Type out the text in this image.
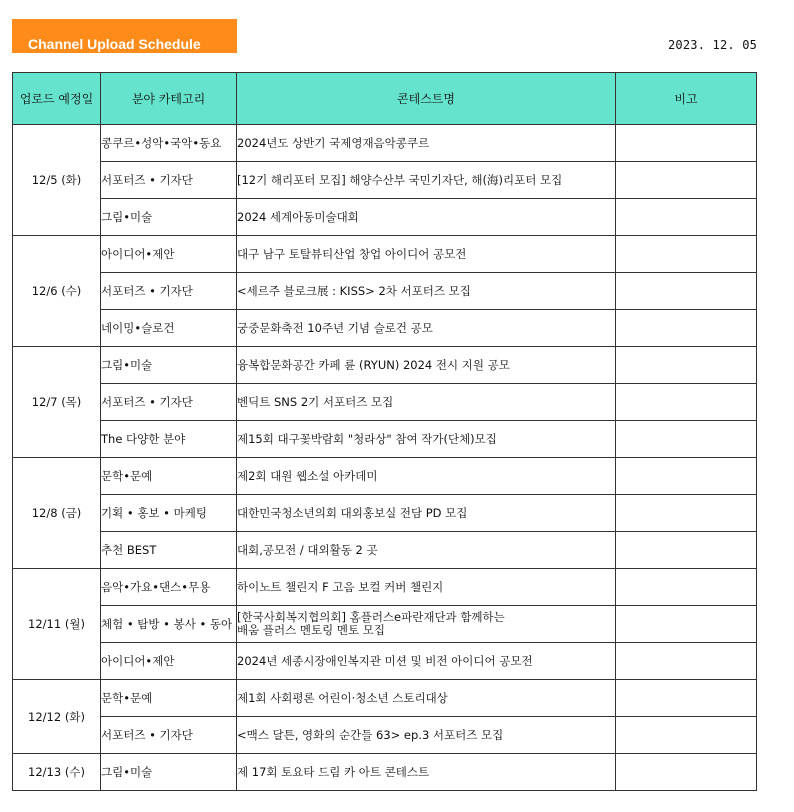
Channel Upload Schedule	2023. 12. 05
업로드 예정일	분야 카테고리	콘테스트명	비고
12/5 (화)	콩쿠르•성악•국악•동요	2024년도 상반기 국제영재음악콩쿠르	

	서포터즈 • 기자단	[12기 해리포터 모집] 해양수산부 국민기자단, 해(海)리포터 모집	

	그림•미술	2024 세계아동미술대회	

12/6 (수)	아이디어•제안	대구 남구 토탈뷰티산업 창업 아이디어 공모전	

	서포터즈 • 기자단	<세르주 블로크展 : KISS> 2차 서포터즈 모집	

	네이밍•슬로건	궁중문화축전 10주년 기념 슬로건 공모	

12/7 (목)	그림•미술	융복합문화공간 카페 륜 (RYUN) 2024 전시 지원 공모	

	서포터즈 • 기자단	벤딕트 SNS 2기 서포터즈 모집	

	The 다양한 분야	제15회 대구꽃박람회 "청라상" 참여 작가(단체)모집	

12/8 (금)	문학•문예	제2회 대원 웹소설 아카데미	

	기획 • 홍보 • 마케팅	대한민국청소년의회 대외홍보실 전담 PD 모집	

	추천 BEST	대회,공모전 / 대외활동 2 곳	

12/11 (월)	음악•가요•댄스•무용	하이노트 챌린지 F 고음 보컬 커버 챌린지	

	체험 • 탐방 • 봉사 • 동아	[한국사회복지협의회] 홈플러스e파란재단과 함께하는
배움 플러스 멘토링 멘토 모집	

	아이디어•제안	2024년 세종시장애인복지관 미션 및 비전 아이디어 공모전	

12/12 (화)	문학•문예	제1회 사회평론 어린이·청소년 스토리대상	

	서포터즈 • 기자단	<맥스 달튼, 영화의 순간들 63> ep.3 서포터즈 모집	

12/13 (수)	그림•미술	제 17회 토요타 드림 카 아트 콘테스트	
